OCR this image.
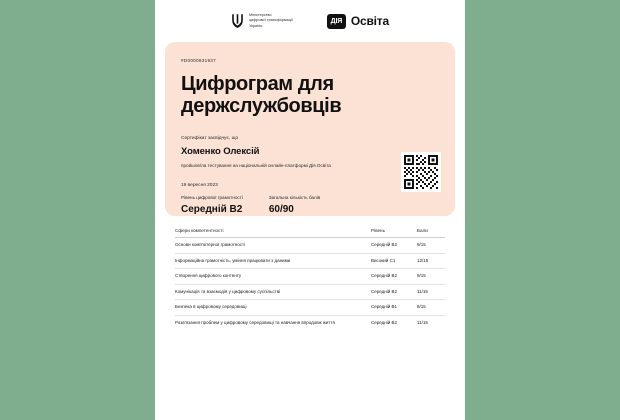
Міністерство
цифрової трансформації
України
ДІЯ Освіта
#D0000931937
Цифрограм для держслужбовців
Сертифікат засвідчує, що
Хоменко Олексій
пройшов/ла тестування на національній онлайн-платформі Дія.Освіта
19 вересня 2023
Рівень цифрової грамотності
Середній B2
Загальна кількість балів
60/90
Сфери компетентності	Рівень	Бали
Основи комп'ютерної грамотності	Середній B2	9/15
Інформаційна грамотність, уміння працювати з даними	Високий C1	12/15
Створення цифрового контенту	Середній B2	9/15
Комунікація та взаємодія у цифровому суспільстві	Середній B2	11/15
Безпека в цифровому середовищі	Середній B1	8/15
Розв'язання проблем у цифровому середовищі та навчання впродовж життя	Середній B2	11/15
